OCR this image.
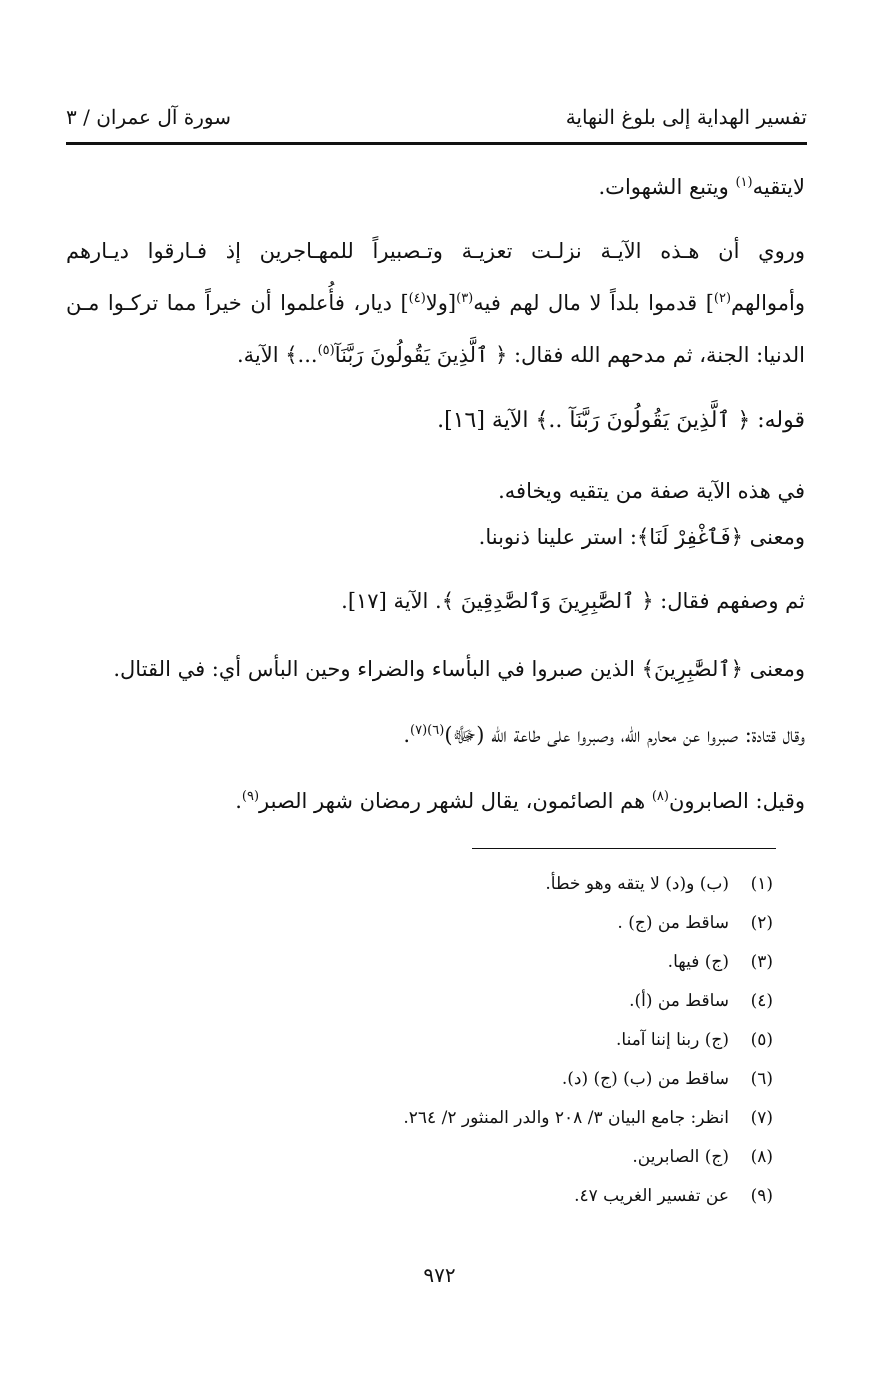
تفسير الهداية إلى بلوغ النهاية
سورة آل عمران / ٣
لايتقيه$^{(١)}$ ويتبع الشهوات.
وروي أن هـذه الآيـة نزلـت تعزيـة وتـصبيراً للمهـاجرين إذ فـارقوا ديـارهم
وأموالهم$^{(٢)}$] قدموا بلداً لا مال لهم فيه$^{(٣)}$[ولا$^{(٤)}$] ديار، فأُعلموا أن خيراً مما تركـوا مـن
الدنيا: الجنة، ثم مدحهم الله فقال: ﴿ ٱلَّذِينَ يَقُولُونَ رَبَّنَآ$^{(٥)}$...﴾ الآية.
قوله: ﴿ ٱلَّذِينَ يَقُولُونَ رَبَّنَآ ..﴾ الآية [١٦].
في هذه الآية صفة من يتقيه ويخافه.
ومعنى ﴿فَٱغْفِرْ لَنَا﴾: استر علينا ذنوبنا.
ثم وصفهم فقال: ﴿ ٱلصَّٰبِرِينَ وَٱلصَّٰدِقِينَ ﴾. الآية [١٧].
ومعنى ﴿ٱلصَّٰبِرِينَ﴾ الذين صبروا في البأساء والضراء وحين البأس أي: في القتال.
وقال قتادة: صبروا عن محارم الله، وصبروا على طاعة الله (ﷻ)$^{(٦)(٧)}$.
وقيل: الصابرون$^{(٨)}$ هم الصائمون، يقال لشهر رمضان شهر الصبر$^{(٩)}$.
(١)
(ب) و(د) لا يتقه وهو خطأ.
(٢)
ساقط من (ج) .
(٣)
(ج) فيها.
(٤)
ساقط من (أ).
(٥)
(ج) ربنا إننا آمنا.
(٦)
ساقط من (ب) (ج) (د).
(٧)
انظر: جامع البيان ٣/ ٢٠٨ والدر المنثور ٢/ ٢٦٤.
(٨)
(ج) الصابرين.
(٩)
عن تفسير الغريب ٤٧.
٩٧٢
